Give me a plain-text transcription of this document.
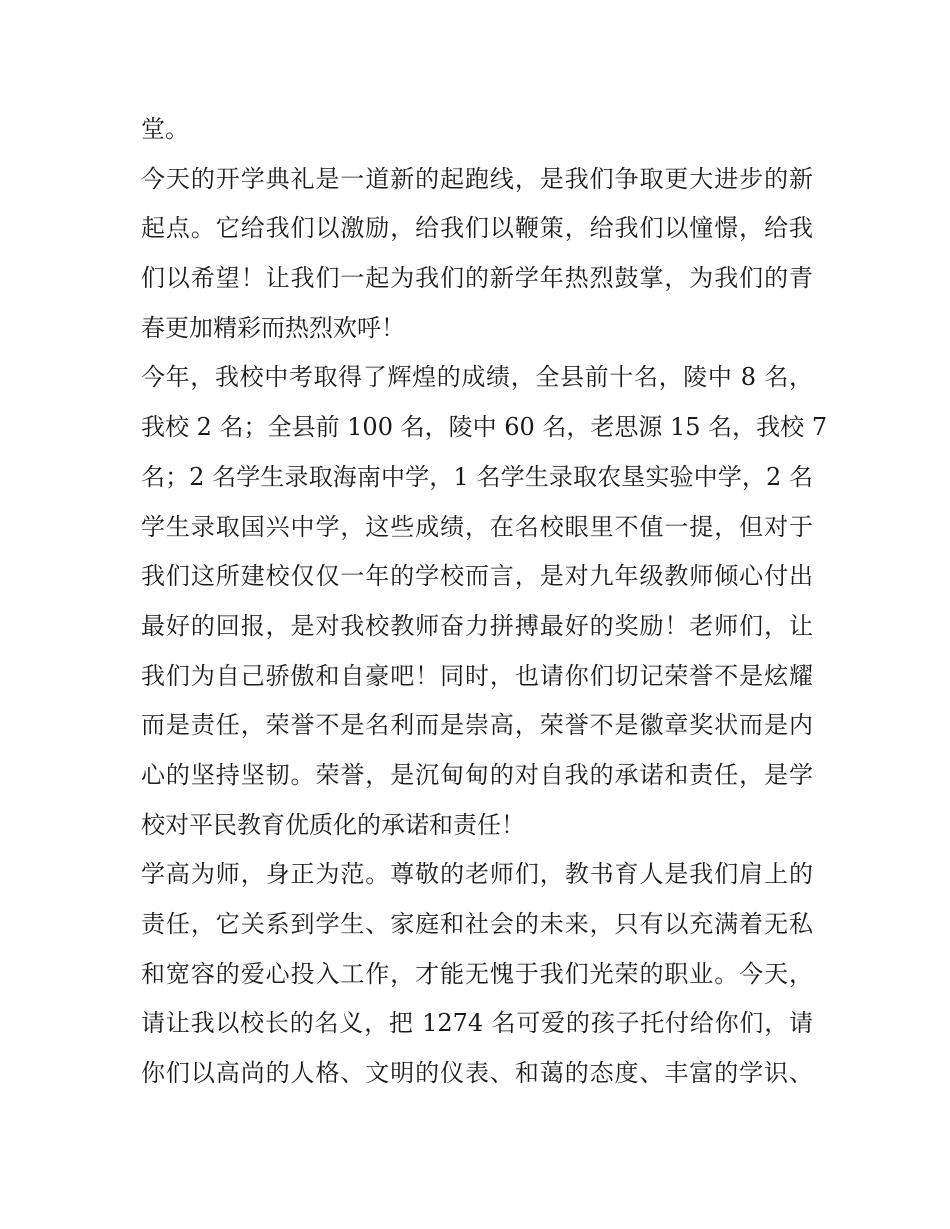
堂。
今天的开学典礼是一道新的起跑线，是我们争取更大进步的新
起点。它给我们以激励，给我们以鞭策，给我们以憧憬，给我
们以希望！让我们一起为我们的新学年热烈鼓掌，为我们的青
春更加精彩而热烈欢呼！
今年，我校中考取得了辉煌的成绩，全县前十名，陵中 8 名，
我校 2 名；全县前 100 名，陵中 60 名，老思源 15 名，我校 7
名；2 名学生录取海南中学，1 名学生录取农垦实验中学，2 名
学生录取国兴中学，这些成绩，在名校眼里不值一提，但对于
我们这所建校仅仅一年的学校而言，是对九年级教师倾心付出
最好的回报，是对我校教师奋力拼搏最好的奖励！老师们，让
我们为自己骄傲和自豪吧！同时，也请你们切记荣誉不是炫耀
而是责任，荣誉不是名利而是崇高，荣誉不是徽章奖状而是内
心的坚持坚韧。荣誉，是沉甸甸的对自我的承诺和责任，是学
校对平民教育优质化的承诺和责任！
学高为师，身正为范。尊敬的老师们，教书育人是我们肩上的
责任，它关系到学生、家庭和社会的未来，只有以充满着无私
和宽容的爱心投入工作，才能无愧于我们光荣的职业。今天，
请让我以校长的名义，把 1274 名可爱的孩子托付给你们，请
你们以高尚的人格、文明的仪表、和蔼的态度、丰富的学识、
